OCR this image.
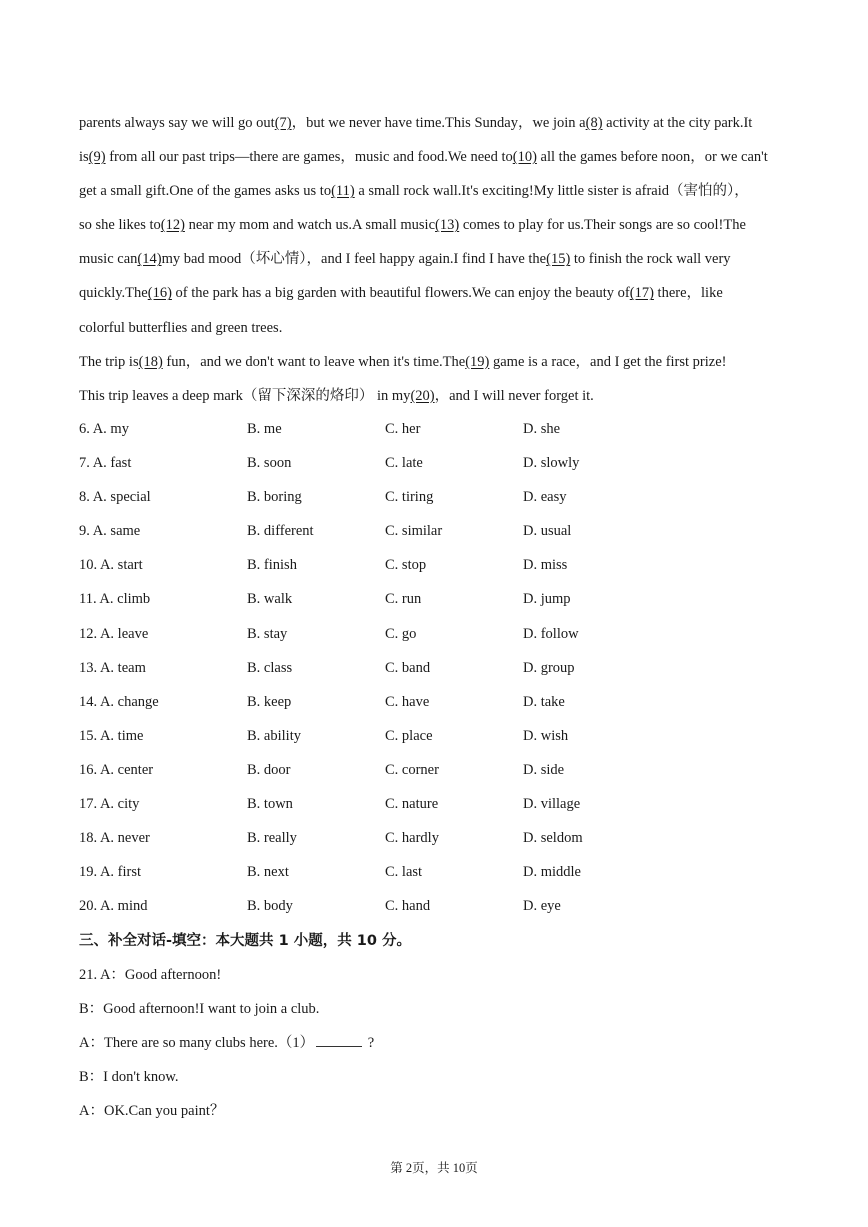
parents always say we will go out(7)，but we never have time.This Sunday，we join a(8) activity at the city park.It
is(9) from all our past trips—there are games，music and food.We need to(10) all the games before noon，or we can't
get a small gift.One of the games asks us to(11) a small rock wall.It's exciting!My little sister is afraid（害怕的），
so she likes to(12) near my mom and watch us.A small music(13) comes to play for us.Their songs are so cool!The
music can(14)my bad mood（坏心情），and I feel happy again.I find I have the(15) to finish the rock wall very
quickly.The(16) of the park has a big garden with beautiful flowers.We can enjoy the beauty of(17) there，like
colorful butterflies and green trees.
The trip is(18) fun，and we don't want to leave when it's time.The(19) game is a race，and I get the first prize!
This trip leaves a deep mark（留下深深的烙印） in my(20)，and I will never forget it.
6. A. my	B. me	C. her	D. she
7. A. fast	B. soon	C. late	D. slowly
8. A. special	B. boring	C. tiring	D. easy
9. A. same	B. different	C. similar	D. usual
10. A. start	B. finish	C. stop	D. miss
11. A. climb	B. walk	C. run	D. jump
12. A. leave	B. stay	C. go	D. follow
13. A. team	B. class	C. band	D. group
14. A. change	B. keep	C. have	D. take
15. A. time	B. ability	C. place	D. wish
16. A. center	B. door	C. corner	D. side
17. A. city	B. town	C. nature	D. village
18. A. never	B. really	C. hardly	D. seldom
19. A. first	B. next	C. last	D. middle
20. A. mind	B. body	C. hand	D. eye
三、补全对话-填空：本大题共 1 小题，共 10 分。
21. A：Good afternoon!
B：Good afternoon!I want to join a club.
A：There are so many clubs here.（1）	?
B：I don't know.
A：OK.Can you paint？
第 2页，共 10页
